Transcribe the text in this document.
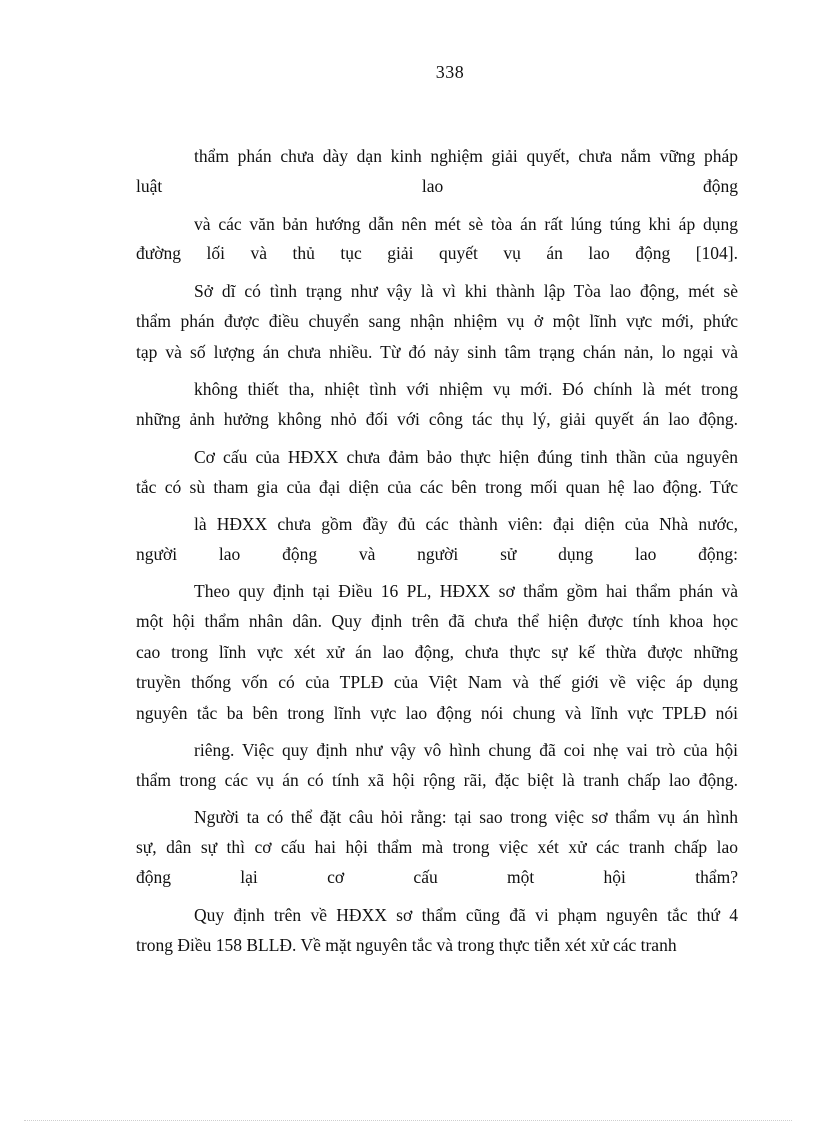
338
thẩm phán chưa dày dạn kinh nghiệm giải quyết, chưa nắm vững pháp
luật lao động
và các văn bản hướng dẫn nên mét sè tòa án rất lúng túng khi áp dụng
đường lối và thủ tục giải quyết vụ án lao động [104].
Sở dĩ có tình trạng như vậy là vì khi thành lập Tòa lao động, mét sè
thẩm phán được điều chuyển sang nhận nhiệm vụ ở một lĩnh vực mới, phức
tạp và số lượng án chưa nhiều. Từ đó nảy sinh tâm trạng chán nản, lo ngại và
không thiết tha, nhiệt tình với nhiệm vụ mới. Đó chính là mét trong
những ảnh hưởng không nhỏ đối với công tác thụ lý, giải quyết án lao động.
Cơ cấu của HĐXX chưa đảm bảo thực hiện đúng tinh thần của nguyên
tắc có sù tham gia của đại diện của các bên trong mối quan hệ lao động. Tức
là HĐXX chưa gồm đầy đủ các thành viên: đại diện của Nhà nước,
người lao động và người sử dụng lao động:
Theo quy định tại Điều 16 PL, HĐXX sơ thẩm gồm hai thẩm phán và
một hội thẩm nhân dân. Quy định trên đã chưa thể hiện được tính khoa học
cao trong lĩnh vực xét xử án lao động, chưa thực sự kế thừa được những
truyền thống vốn có của TPLĐ của Việt Nam và thế giới về việc áp dụng
nguyên tắc ba bên trong lĩnh vực lao động nói chung và lĩnh vực TPLĐ nói
riêng. Việc quy định như vậy vô hình chung đã coi nhẹ vai trò của hội
thẩm trong các vụ án có tính xã hội rộng rãi, đặc biệt là tranh chấp lao động.
Người ta có thể đặt câu hỏi rằng: tại sao trong việc sơ thẩm vụ án hình
sự, dân sự thì cơ cấu hai hội thẩm mà trong việc xét xử các tranh chấp lao
động lại cơ cấu một hội thẩm?
Quy định trên về HĐXX sơ thẩm cũng đã vi phạm nguyên tắc thứ 4
trong Điều 158 BLLĐ. Về mặt nguyên tắc và trong thực tiễn xét xử các tranh
